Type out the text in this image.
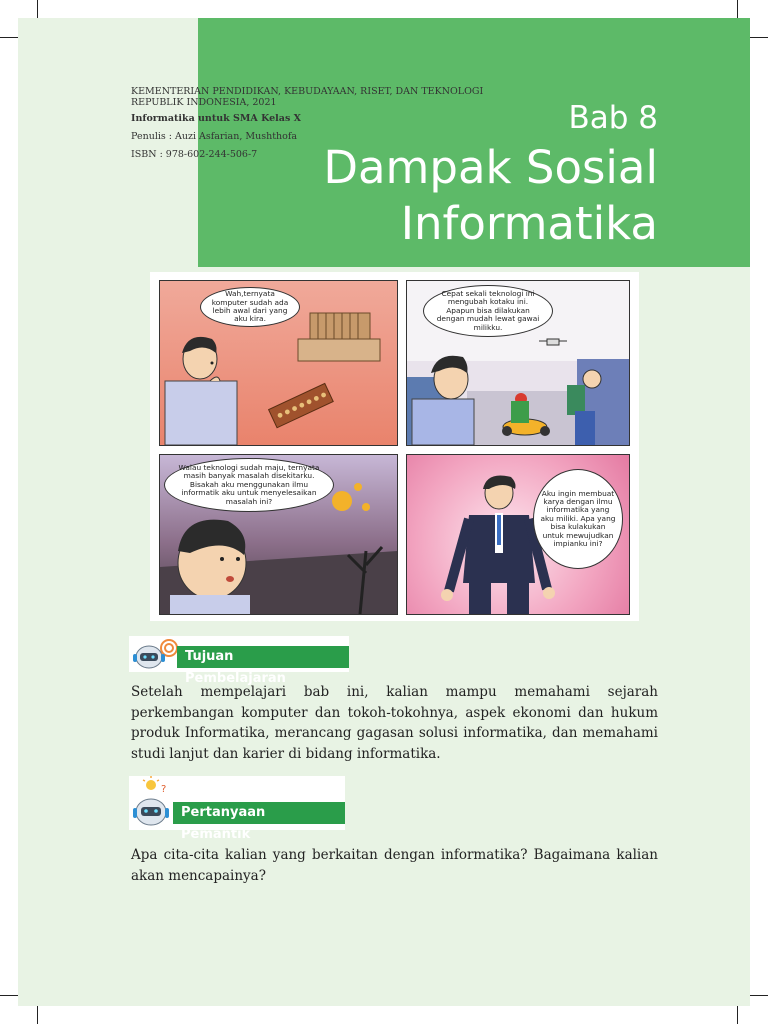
KEMENTERIAN PENDIDIKAN, KEBUDAYAAN, RISET, DAN TEKNOLOGI

REPUBLIK INDONESIA, 2021

Informatika untuk SMA Kelas X

Penulis : Auzi Asfarian, Mushthofa

ISBN : 978-602-244-506-7

Bab 8
Dampak Sosial
Informatika
Wah,ternyata komputer sudah ada lebih awal dari yang aku kira.
Cepat sekali teknologi ini mengubah kotaku ini. Apapun bisa dilakukan dengan mudah lewat gawai milikku.
Walau teknologi sudah maju, ternyata masih banyak masalah disekitarku. Bisakah aku menggunakan ilmu informatik aku untuk menyelesaikan masalah ini?
Aku ingin membuat karya dengan ilmu informatika yang aku miliki. Apa yang bisa kulakukan untuk mewujudkan impianku ini?
Tujuan Pembelajaran

Setelah mempelajari bab ini, kalian mampu memahami sejarah perkembangan komputer dan tokoh-tokohnya, aspek ekonomi dan hukum produk Informatika, merancang gagasan solusi informatika, dan memahami studi lanjut dan karier di bidang informatika.

?
Pertanyaan Pemantik

Apa cita-cita kalian yang berkaitan dengan informatika? Bagaimana kalian akan mencapainya?
